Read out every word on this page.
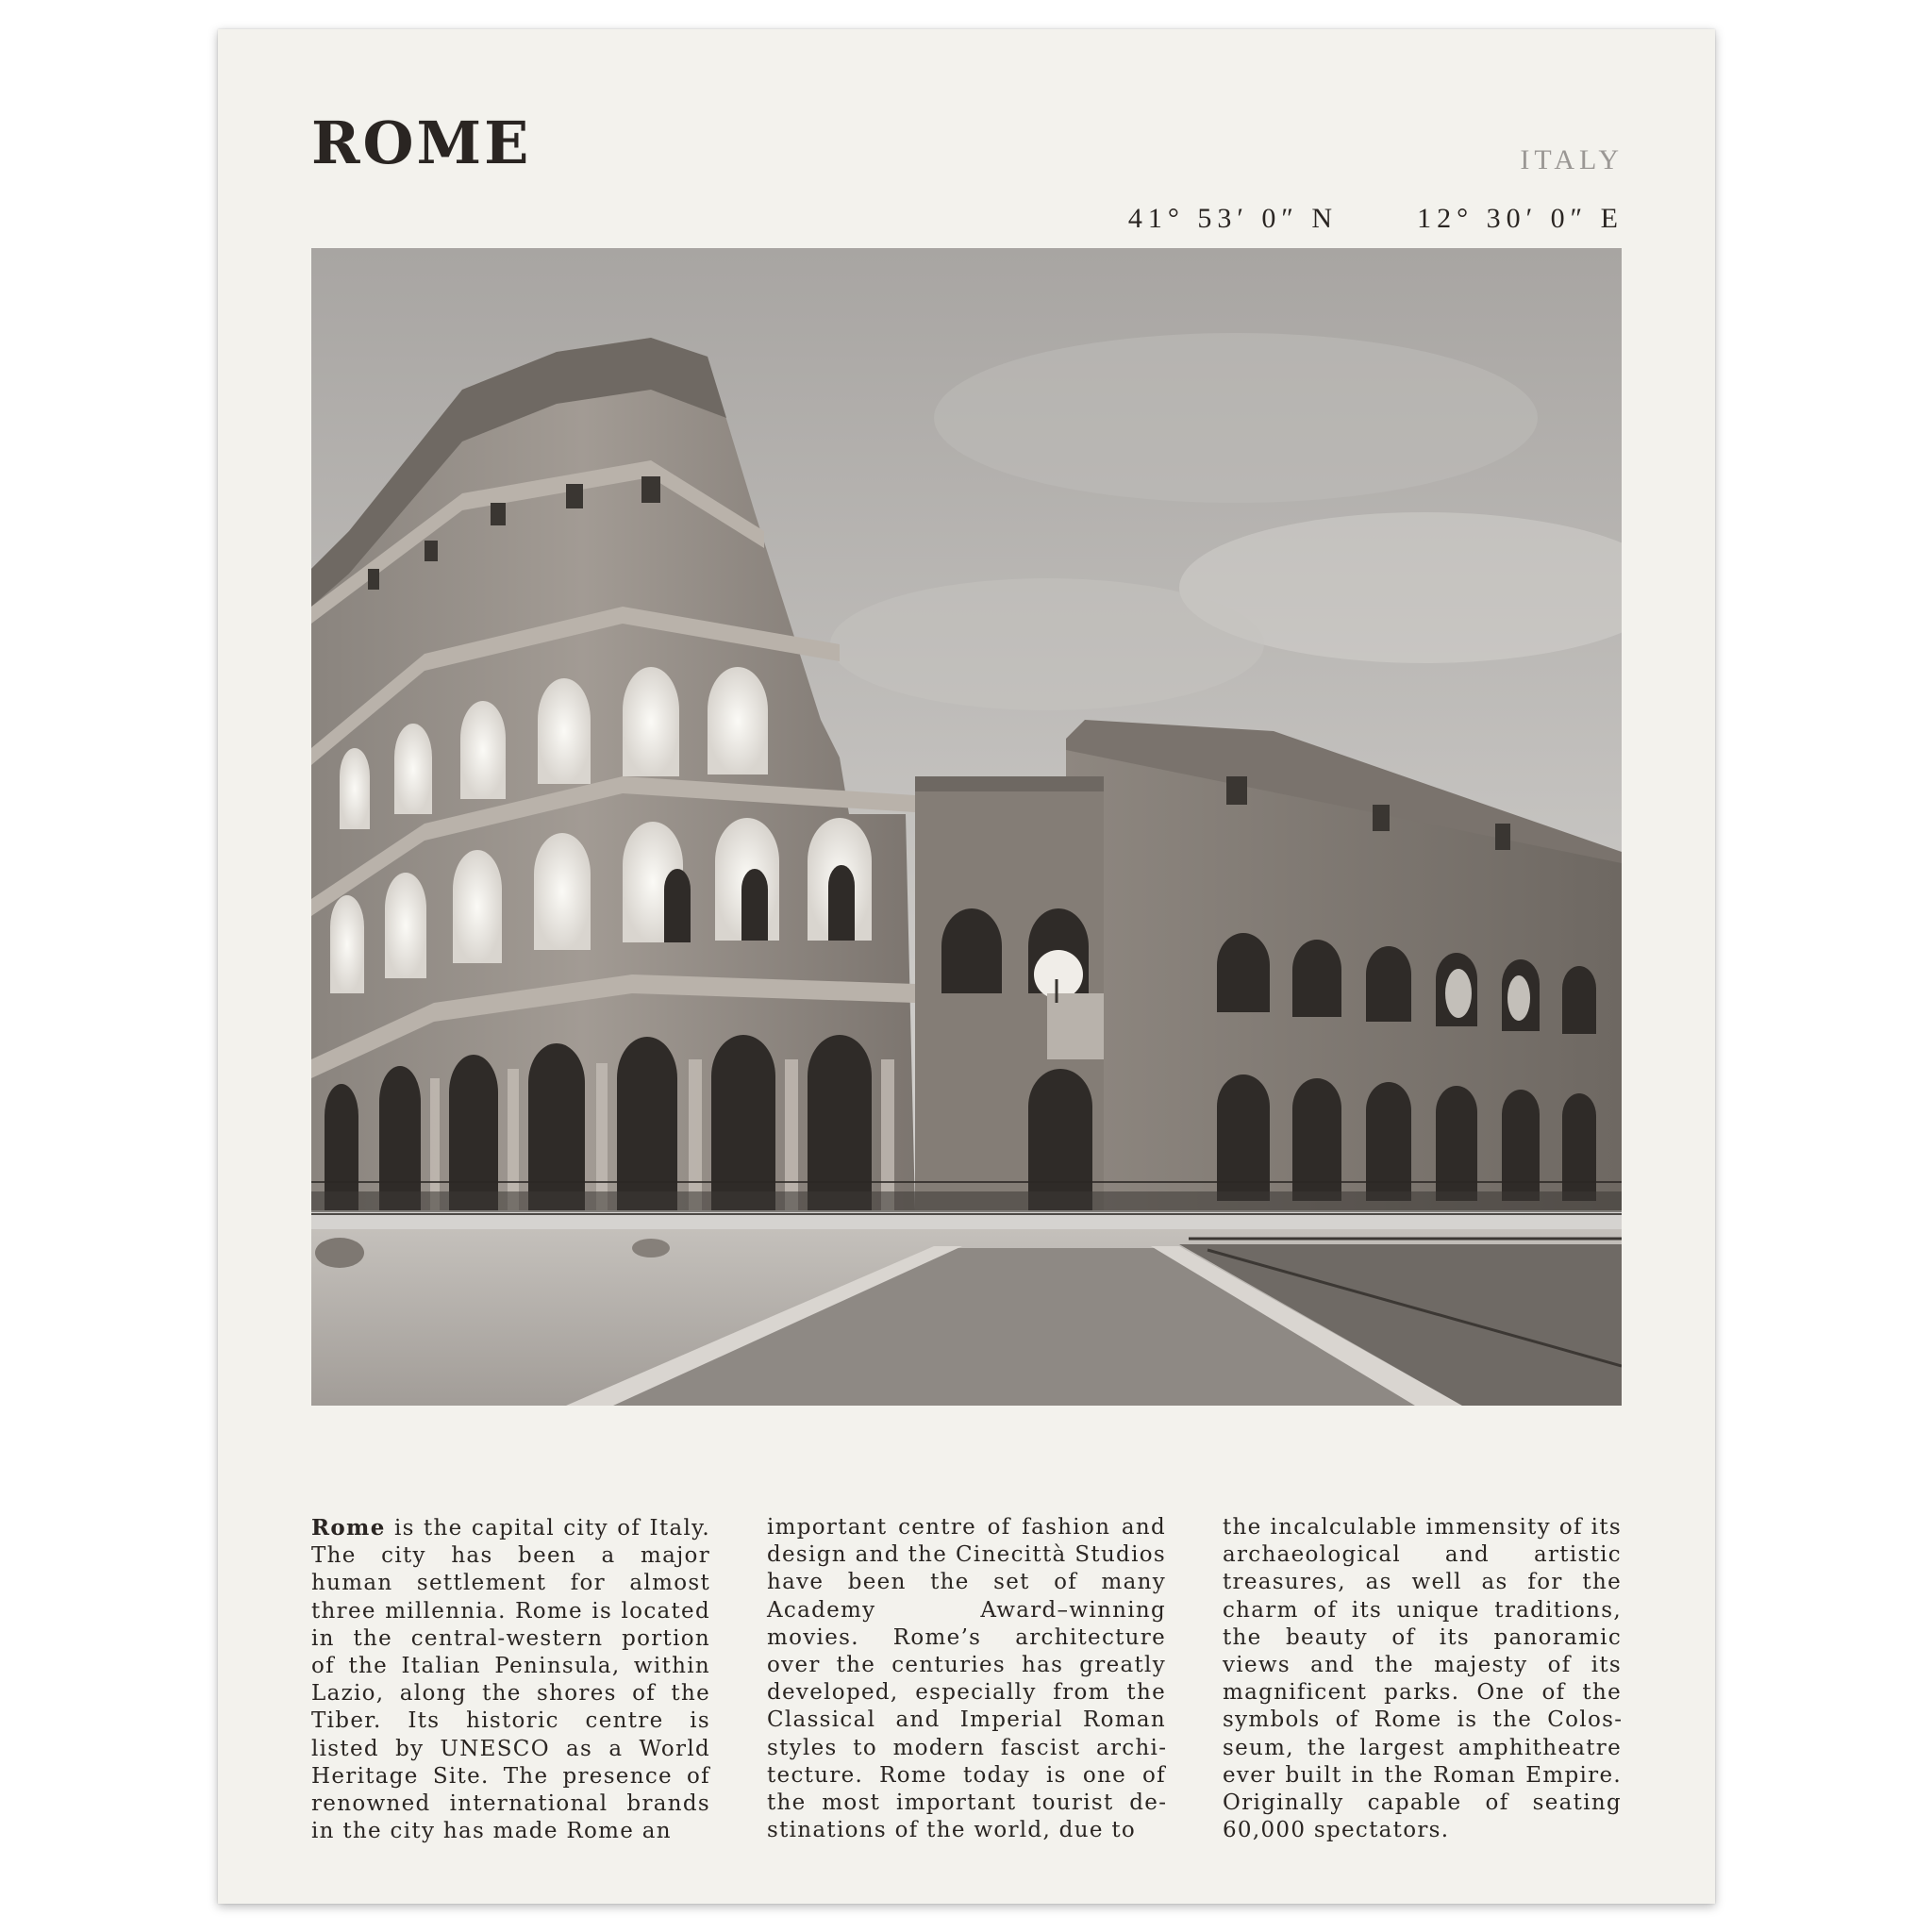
ROME	ITALY
41° 53′ 0″ N	12° 30′ 0″ E

Rome is the capital city of Italy. The city has been a major human settlement for almost three millennia. Rome is located in the central-western portion of the Italian Peninsula, within Lazio, along the shores of the Tiber. Its historic centre is listed by UNESCO as a World Heritage Site. The presence of renowned international brands in the city has made Rome an

important centre of fashion and design and the Cinecittà Studios have been the set of many Academy Award–winning movies. Rome’s architecture over the centuries has greatly developed, especially from the Classical and Imperial Roman styles to modern fascist architecture. Rome today is one of the most important tourist destinations of the world, due to

the incalculable immensity of its archaeological and artistic treasures, as well as for the charm of its unique traditions, the beauty of its panoramic views and the majesty of its magnificent parks. One of the symbols of Rome is the Colosseum, the largest amphitheatre ever built in the Roman Empire. Originally capable of seating 60,000 spectators.
